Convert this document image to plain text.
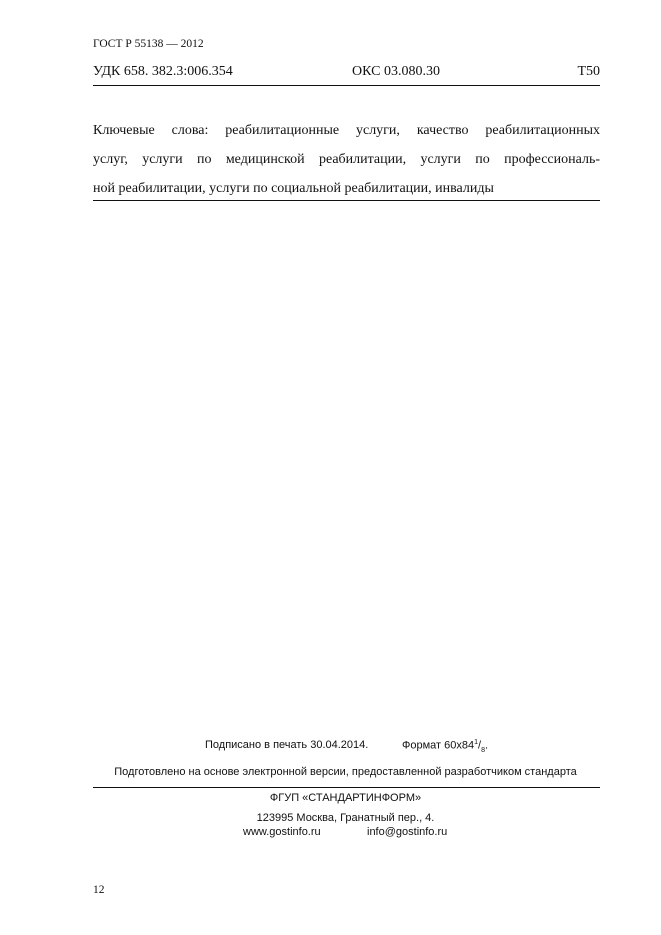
ГОСТ Р 55138 — 2012
УДК 658. 382.3:006.354	ОКС 03.080.30	Т50
Ключевые слова: реабилитационные услуги, качество реабилитационных
услуг, услуги по медицинской реабилитации, услуги по профессиональ-
ной реабилитации, услуги по социальной реабилитации, инвалиды
Подписано в печать 30.04.2014.	Формат $60х84^1/_8$.
Подготовлено на основе электронной версии, предоставленной разработчиком стандарта
ФГУП «СТАНДАРТИНФОРМ»
123995 Москва, Гранатный пер., 4.
www.gostinfo.ru	info@gostinfo.ru
12
